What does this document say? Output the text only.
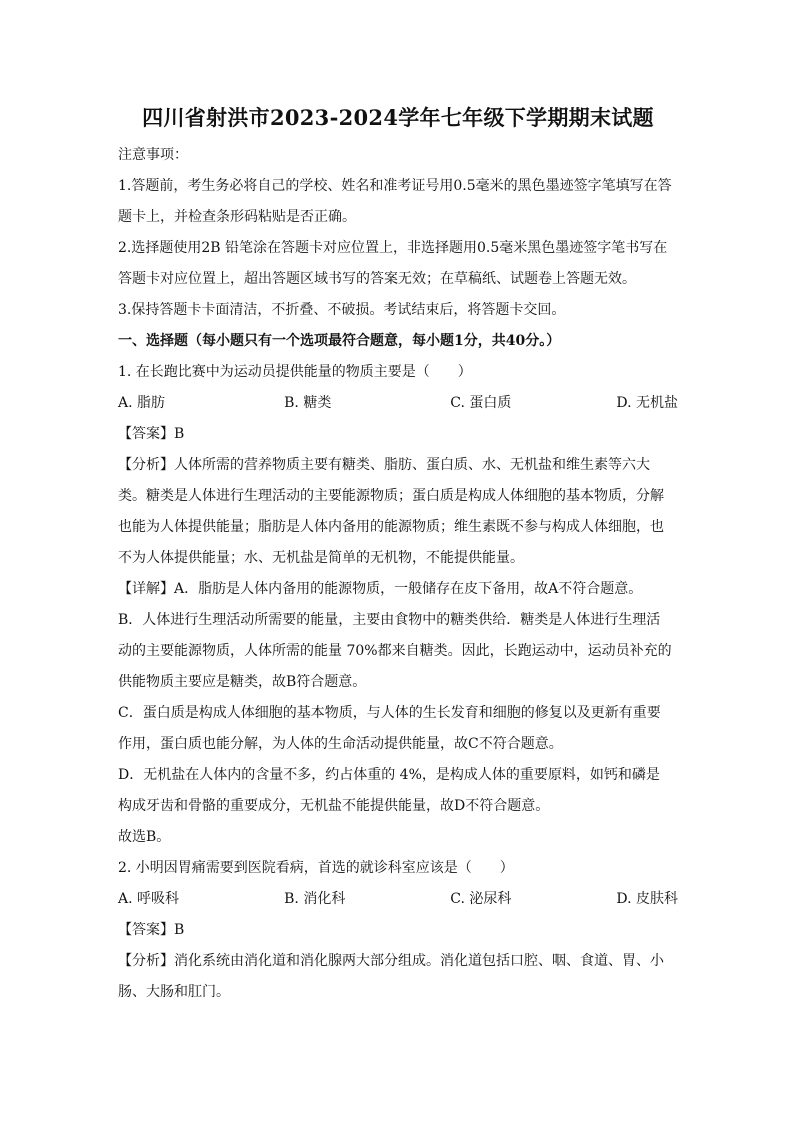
四川省射洪市2023-2024学年七年级下学期期末试题

注意事项：

1.答题前，考生务必将自己的学校、姓名和准考证号用0.5毫米的黑色墨迹签字笔填写在答

题卡上，并检查条形码粘贴是否正确。

2.选择题使用2B 铅笔涂在答题卡对应位置上，非选择题用0.5毫米黑色墨迹签字笔书写在

答题卡对应位置上，超出答题区域书写的答案无效；在草稿纸、试题卷上答题无效。

3.保持答题卡卡面清洁，不折叠、不破损。考试结束后，将答题卡交回。

一、选择题（每小题只有一个选项最符合题意，每小题1分，共40分。）

1. 在长跑比赛中为运动员提供能量的物质主要是（　　）

A. 脂肪	B. 糖类	C. 蛋白质	D. 无机盐

【答案】B

【分析】人体所需的营养物质主要有糖类、脂肪、蛋白质、水、无机盐和维生素等六大

类。糖类是人体进行生理活动的主要能源物质；蛋白质是构成人体细胞的基本物质，分解

也能为人体提供能量；脂肪是人体内备用的能源物质；维生素既不参与构成人体细胞，也

不为人体提供能量；水、无机盐是简单的无机物，不能提供能量。

【详解】A．脂肪是人体内备用的能源物质，一般储存在皮下备用，故A不符合题意。

B．人体进行生理活动所需要的能量，主要由食物中的糖类供给．糖类是人体进行生理活

动的主要能源物质，人体所需的能量 70%都来自糖类。因此，长跑运动中，运动员补充的

供能物质主要应是糖类，故B符合题意。

C．蛋白质是构成人体细胞的基本物质，与人体的生长发育和细胞的修复以及更新有重要

作用，蛋白质也能分解，为人体的生命活动提供能量，故C不符合题意。

D．无机盐在人体内的含量不多，约占体重的 4%，是构成人体的重要原料，如钙和磷是

构成牙齿和骨骼的重要成分，无机盐不能提供能量，故D不符合题意。

故选B。

2. 小明因胃痛需要到医院看病，首选的就诊科室应该是（　　）

A. 呼吸科	B. 消化科	C. 泌尿科	D. 皮肤科

【答案】B

【分析】消化系统由消化道和消化腺两大部分组成。消化道包括口腔、咽、食道、胃、小

肠、大肠和肛门。
